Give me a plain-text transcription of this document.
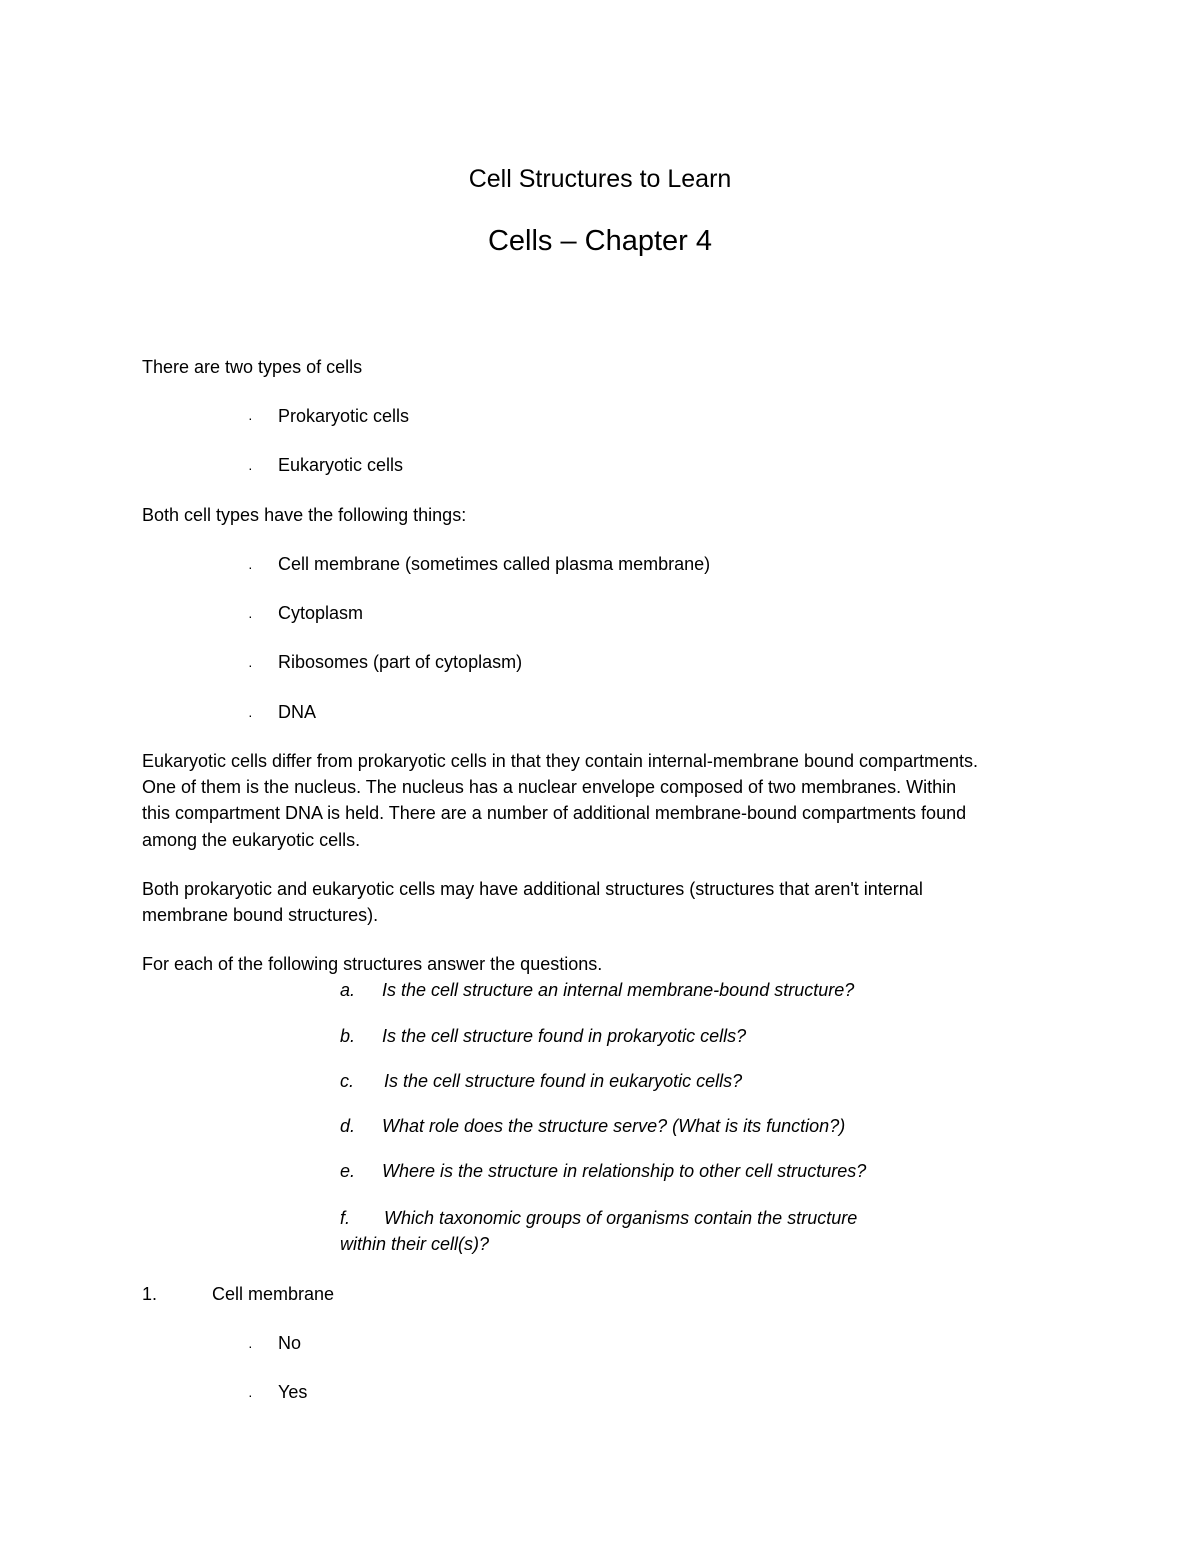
Cell Structures to Learn
Cells – Chapter 4
There are two types of cells
· Prokaryotic cells
· Eukaryotic cells
Both cell types have the following things:
· Cell membrane (sometimes called plasma membrane)
· Cytoplasm
· Ribosomes (part of cytoplasm)
· DNA
Eukaryotic cells differ from prokaryotic cells in that they contain internal-membrane bound compartments.
One of them is the nucleus. The nucleus has a nuclear envelope composed of two membranes. Within
this compartment DNA is held. There are a number of additional membrane-bound compartments found
among the eukaryotic cells.
Both prokaryotic and eukaryotic cells may have additional structures (structures that aren't internal
membrane bound structures).
For each of the following structures answer the questions.
a. Is the cell structure an internal membrane-bound structure?
b. Is the cell structure found in prokaryotic cells?
c. Is the cell structure found in eukaryotic cells?
d. What role does the structure serve? (What is its function?)
e. Where is the structure in relationship to other cell structures?
f. Which taxonomic groups of organisms contain the structure
within their cell(s)?
1.	Cell membrane
· No
· Yes
